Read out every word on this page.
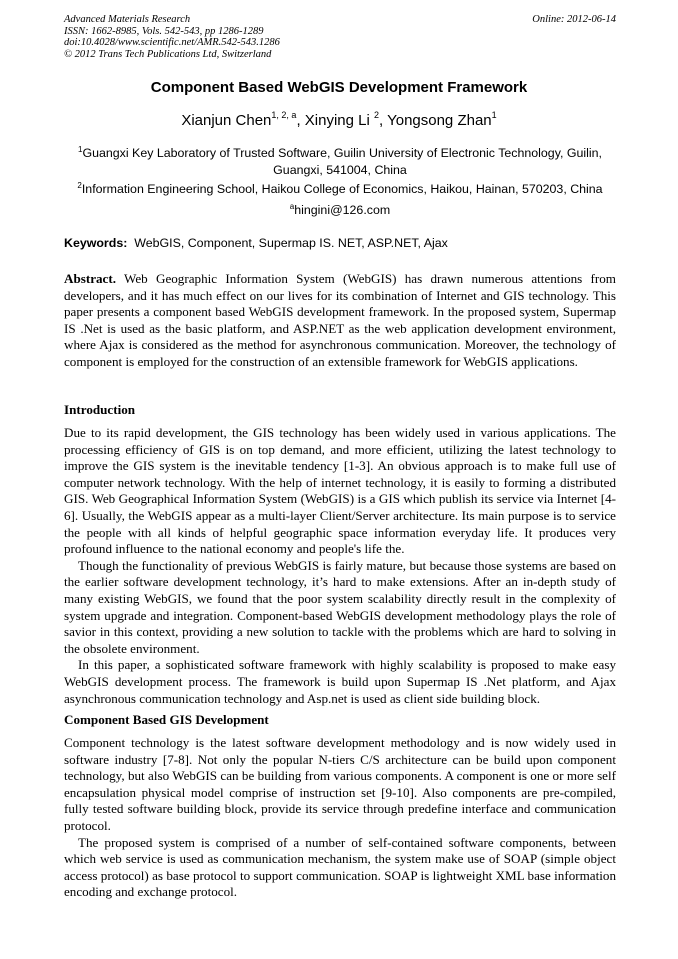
Advanced Materials Research
ISSN: 1662-8985, Vols. 542-543, pp 1286-1289
doi:10.4028/www.scientific.net/AMR.542-543.1286
© 2012 Trans Tech Publications Ltd, Switzerland
Online: 2012-06-14
Component Based WebGIS Development Framework
Xianjun Chen$^{1, 2, a}$, Xinying Li $^2$, Yongsong Zhan$^1$
$^1$Guangxi Key Laboratory of Trusted Software, Guilin University of Electronic Technology, Guilin, Guangxi, 541004, China
$^2$Information Engineering School, Haikou College of Economics, Haikou, Hainan, 570203, China
$^a$hingini@126.com
Keywords: WebGIS, Component, Supermap IS. NET, ASP.NET, Ajax

Abstract. Web Geographic Information System (WebGIS) has drawn numerous attentions from developers, and it has much effect on our lives for its combination of Internet and GIS technology. This paper presents a component based WebGIS development framework. In the proposed system, Supermap IS .Net is used as the basic platform, and ASP.NET as the web application development environment, where Ajax is considered as the method for asynchronous communication. Moreover, the technology of component is employed for the construction of an extensible framework for WebGIS applications.

Introduction

Due to its rapid development, the GIS technology has been widely used in various applications. The processing efficiency of GIS is on top demand, and more efficient, utilizing the latest technology to improve the GIS system is the inevitable tendency [1-3]. An obvious approach is to make full use of computer network technology. With the help of internet technology, it is easily to forming a distributed GIS. Web Geographical Information System (WebGIS) is a GIS which publish its service via Internet [4-6]. Usually, the WebGIS appear as a multi-layer Client/Server architecture. Its main purpose is to service the people with all kinds of helpful geographic space information everyday life. It produces very profound influence to the national economy and people's life the.

Though the functionality of previous WebGIS is fairly mature, but because those systems are based on the earlier software development technology, it’s hard to make extensions. After an in-depth study of many existing WebGIS, we found that the poor system scalability directly result in the complexity of system upgrade and integration. Component-based WebGIS development methodology plays the role of savior in this context, providing a new solution to tackle with the problems which are hard to solving in the obsolete environment.

In this paper, a sophisticated software framework with highly scalability is proposed to make easy WebGIS development process. The framework is build upon Supermap IS .Net platform, and Ajax asynchronous communication technology and Asp.net is used as client side building block.

Component Based GIS Development

Component technology is the latest software development methodology and is now widely used in software industry [7-8]. Not only the popular N-tiers C/S architecture can be build upon component technology, but also WebGIS can be building from various components. A component is one or more self encapsulation physical model comprise of instruction set [9-10]. Also components are pre-compiled, fully tested software building block, provide its service through predefine interface and communication protocol.

The proposed system is comprised of a number of self-contained software components, between which web service is used as communication mechanism, the system make use of SOAP (simple object access protocol) as base protocol to support communication. SOAP is lightweight XML base information encoding and exchange protocol.
